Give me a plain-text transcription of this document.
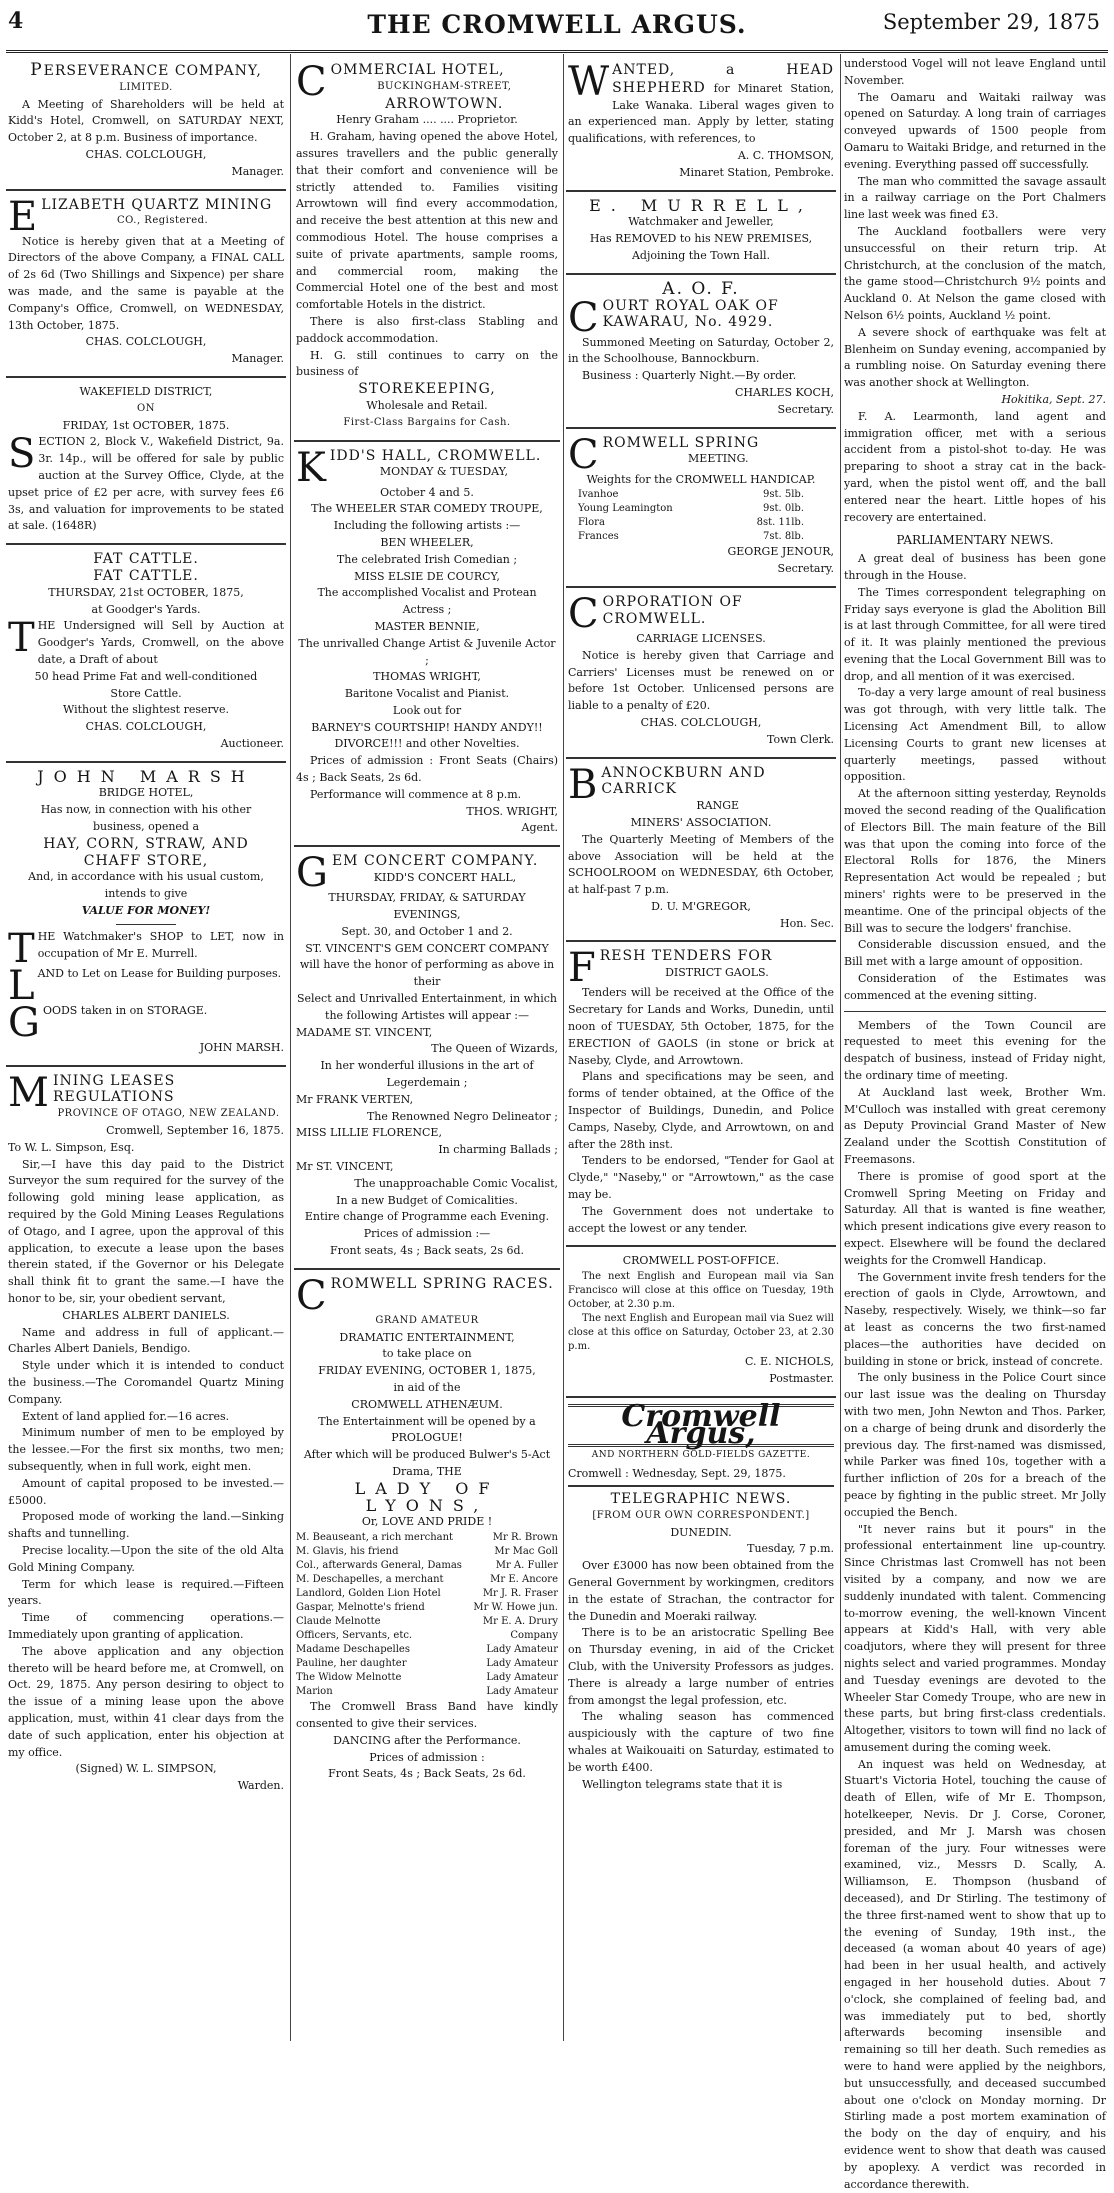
4	THE CROMWELL ARGUS.	September 29, 1875
PERSEVERANCE COMPANY,
LIMITED.

A Meeting of Shareholders will be held at Kidd's Hotel, Cromwell, on SATURDAY NEXT, October 2, at 8 p.m. Business of importance.

CHAS. COLCLOUGH,
Manager.
ELIZABETH QUARTZ MINING
CO., Registered.

Notice is hereby given that at a Meeting of Directors of the above Company, a FINAL CALL of 2s 6d (Two Shillings and Sixpence) per share was made, and the same is payable at the Company's Office, Cromwell, on WEDNESDAY, 13th October, 1875.

CHAS. COLCLOUGH,
Manager.
WAKEFIELD DISTRICT,
ON
FRIDAY, 1st OCTOBER, 1875.

SECTION 2, Block V., Wakefield District, 9a. 3r. 14p., will be offered for sale by public auction at the Survey Office, Clyde, at the upset price of £2 per acre, with survey fees £6 3s, and valuation for improvements to be stated at sale. (1648R)

FAT CATTLE.
FAT CATTLE.
THURSDAY, 21st OCTOBER, 1875,
at Goodger's Yards.

THE Undersigned will Sell by Auction at Goodger's Yards, Cromwell, on the above date, a Draft of about

50 head Prime Fat and well-conditioned
Store Cattle.
Without the slightest reserve.
CHAS. COLCLOUGH,
Auctioneer.
JOHN MARSH
BRIDGE HOTEL,
Has now, in connection with his other
business, opened a
HAY, CORN, STRAW, AND
CHAFF STORE,
And, in accordance with his usual custom,
intends to give
VALUE FOR MONEY!

THE Watchmaker's SHOP to LET, now in occupation of Mr E. Murrell.

LAND to Let on Lease for Building purposes.

GOODS taken in on STORAGE.

JOHN MARSH.
MINING LEASES REGULATIONS
PROVINCE OF OTAGO, NEW ZEALAND.
Cromwell, September 16, 1875.

To W. L. Simpson, Esq.

Sir,—I have this day paid to the District Surveyor the sum required for the survey of the following gold mining lease application, as required by the Gold Mining Leases Regulations of Otago, and I agree, upon the approval of this application, to execute a lease upon the bases therein stated, if the Governor or his Delegate shall think fit to grant the same.—I have the honor to be, sir, your obedient servant,

CHARLES ALBERT DANIELS.

Name and address in full of applicant.—Charles Albert Daniels, Bendigo.

Style under which it is intended to conduct the business.—The Coromandel Quartz Mining Company.

Extent of land applied for.—16 acres.

Minimum number of men to be employed by the lessee.—For the first six months, two men; subsequently, when in full work, eight men.

Amount of capital proposed to be invested.—£5000.

Proposed mode of working the land.—Sinking shafts and tunnelling.

Precise locality.—Upon the site of the old Alta Gold Mining Company.

Term for which lease is required.—Fifteen years.

Time of commencing operations.—Immediately upon granting of application.

The above application and any objection thereto will be heard before me, at Cromwell, on Oct. 29, 1875. Any person desiring to object to the issue of a mining lease upon the above application, must, within 41 clear days from the date of such application, enter his objection at my office.

(Signed) W. L. SIMPSON,
Warden.
COMMERCIAL HOTEL,
BUCKINGHAM-STREET,
ARROWTOWN.
Henry Graham .... .... Proprietor.

H. Graham, having opened the above Hotel, assures travellers and the public generally that their comfort and convenience will be strictly attended to. Families visiting Arrowtown will find every accommodation, and receive the best attention at this new and commodious Hotel. The house comprises a suite of private apartments, sample rooms, and commercial room, making the Commercial Hotel one of the best and most comfortable Hotels in the district.

There is also first-class Stabling and paddock accommodation.

H. G. still continues to carry on the business of

STOREKEEPING,
Wholesale and Retail.
First-Class Bargains for Cash.
KIDD'S HALL, CROMWELL.
MONDAY & TUESDAY,
October 4 and 5.
The WHEELER STAR COMEDY TROUPE,
Including the following artists :—
BEN WHEELER,
The celebrated Irish Comedian ;
MISS ELSIE DE COURCY,
The accomplished Vocalist and Protean Actress ;
MASTER BENNIE,
The unrivalled Change Artist & Juvenile Actor ;
THOMAS WRIGHT,
Baritone Vocalist and Pianist.
Look out for
BARNEY'S COURTSHIP! HANDY ANDY!! DIVORCE!!! and other Novelties.

Prices of admission : Front Seats (Chairs) 4s ; Back Seats, 2s 6d.

Performance will commence at 8 p.m.

THOS. WRIGHT,
Agent.
GEM CONCERT COMPANY.
KIDD'S CONCERT HALL,
THURSDAY, FRIDAY, & SATURDAY
EVENINGS,
Sept. 30, and October 1 and 2.
ST. VINCENT'S GEM CONCERT COMPANY
will have the honor of performing as above in their
Select and Unrivalled Entertainment, in which the following Artistes will appear :—
MADAME ST. VINCENT,
The Queen of Wizards,
In her wonderful illusions in the art of Legerdemain ;
Mr FRANK VERTEN,
The Renowned Negro Delineator ;
MISS LILLIE FLORENCE,
In charming Ballads ;
Mr ST. VINCENT,
The unapproachable Comic Vocalist,
In a new Budget of Comicalities.
Entire change of Programme each Evening.
Prices of admission :—
Front seats, 4s ; Back seats, 2s 6d.
CROMWELL SPRING RACES.
GRAND AMATEUR
DRAMATIC ENTERTAINMENT,
to take place on
FRIDAY EVENING, OCTOBER 1, 1875,
in aid of the
CROMWELL ATHENÆUM.
The Entertainment will be opened by a
PROLOGUE!
After which will be produced Bulwer's 5-Act Drama, THE
LADY OF LYONS,
Or, LOVE AND PRIDE !
M. Beauseant, a rich merchant	Mr R. Brown
M. Glavis, his friend	Mr Mac Goll
Col., afterwards General, Damas	Mr A. Fuller
M. Deschapelles, a merchant	Mr E. Ancore
Landlord, Golden Lion Hotel	Mr J. R. Fraser
Gaspar, Melnotte's friend	Mr W. Howe jun.
Claude Melnotte	Mr E. A. Drury
Officers, Servants, etc.	Company
Madame Deschapelles	Lady Amateur
Pauline, her daughter	Lady Amateur
The Widow Melnotte	Lady Amateur
Marion	Lady Amateur

The Cromwell Brass Band have kindly consented to give their services.

DANCING after the Performance.
Prices of admission :
Front Seats, 4s ; Back Seats, 2s 6d.

WANTED, a HEAD SHEPHERD for Minaret Station, Lake Wanaka. Liberal wages given to an experienced man. Apply by letter, stating qualifications, with references, to

A. C. THOMSON,
Minaret Station, Pembroke.
E. MURRELL,
Watchmaker and Jeweller,
Has REMOVED to his NEW PREMISES,
Adjoining the Town Hall.
A. O. F.
COURT ROYAL OAK OF KAWARAU, No. 4929.

Summoned Meeting on Saturday, October 2, in the Schoolhouse, Bannockburn.

Business : Quarterly Night.—By order.

CHARLES KOCH,
Secretary.
CROMWELL SPRING
MEETING.
Weights for the CROMWELL HANDICAP.
Ivanhoe	9st. 5lb.
Young Leamington	9st. 0lb.
Flora	8st. 11lb.
Frances	7st. 8lb.
GEORGE JENOUR,
Secretary.
CORPORATION OF CROMWELL.
CARRIAGE LICENSES.

Notice is hereby given that Carriage and Carriers' Licenses must be renewed on or before 1st October. Unlicensed persons are liable to a penalty of £20.

CHAS. COLCLOUGH,
Town Clerk.
BANNOCKBURN AND CARRICK
RANGE
MINERS' ASSOCIATION.

The Quarterly Meeting of Members of the above Association will be held at the SCHOOLROOM on WEDNESDAY, 6th October, at half-past 7 p.m.

D. U. M'GREGOR,
Hon. Sec.
FRESH TENDERS FOR
DISTRICT GAOLS.

Tenders will be received at the Office of the Secretary for Lands and Works, Dunedin, until noon of TUESDAY, 5th October, 1875, for the ERECTION of GAOLS (in stone or brick at Naseby, Clyde, and Arrowtown.

Plans and specifications may be seen, and forms of tender obtained, at the Office of the Inspector of Buildings, Dunedin, and Police Camps, Naseby, Clyde, and Arrowtown, on and after the 28th inst.

Tenders to be endorsed, "Tender for Gaol at Clyde," "Naseby," or "Arrowtown," as the case may be.

The Government does not undertake to accept the lowest or any tender.

CROMWELL POST-OFFICE.

The next English and European mail via San Francisco will close at this office on Tuesday, 19th October, at 2.30 p.m.

The next English and European mail via Suez will close at this office on Saturday, October 23, at 2.30 p.m.

C. E. NICHOLS,
Postmaster.
Cromwell Argus,
AND NORTHERN GOLD-FIELDS GAZETTE.
Cromwell : Wednesday, Sept. 29, 1875.
TELEGRAPHIC NEWS.
[FROM OUR OWN CORRESPONDENT.]
DUNEDIN.
Tuesday, 7 p.m.

Over £3000 has now been obtained from the General Government by workingmen, creditors in the estate of Strachan, the contractor for the Dunedin and Moeraki railway.

There is to be an aristocratic Spelling Bee on Thursday evening, in aid of the Cricket Club, with the University Professors as judges. There is already a large number of entries from amongst the legal profession, etc.

The whaling season has commenced auspiciously with the capture of two fine whales at Waikouaiti on Saturday, estimated to be worth £400.

Wellington telegrams state that it is

understood Vogel will not leave England until November.

The Oamaru and Waitaki railway was opened on Saturday. A long train of carriages conveyed upwards of 1500 people from Oamaru to Waitaki Bridge, and returned in the evening. Everything passed off successfully.

The man who committed the savage assault in a railway carriage on the Port Chalmers line last week was fined £3.

The Auckland footballers were very unsuccessful on their return trip. At Christchurch, at the conclusion of the match, the game stood—Christchurch 9½ points and Auckland 0. At Nelson the game closed with Nelson 6½ points, Auckland ½ point.

A severe shock of earthquake was felt at Blenheim on Sunday evening, accompanied by a rumbling noise. On Saturday evening there was another shock at Wellington.

Hokitika, Sept. 27.

F. A. Learmonth, land agent and immigration officer, met with a serious accident from a pistol-shot to-day. He was preparing to shoot a stray cat in the back-yard, when the pistol went off, and the ball entered near the heart. Little hopes of his recovery are entertained.

PARLIAMENTARY NEWS.

A great deal of business has been gone through in the House.

The Times correspondent telegraphing on Friday says everyone is glad the Abolition Bill is at last through Committee, for all were tired of it. It was plainly mentioned the previous evening that the Local Government Bill was to drop, and all mention of it was exercised.

To-day a very large amount of real business was got through, with very little talk. The Licensing Act Amendment Bill, to allow Licensing Courts to grant new licenses at quarterly meetings, passed without opposition.

At the afternoon sitting yesterday, Reynolds moved the second reading of the Qualification of Electors Bill. The main feature of the Bill was that upon the coming into force of the Electoral Rolls for 1876, the Miners Representation Act would be repealed ; but miners' rights were to be preserved in the meantime. One of the principal objects of the Bill was to secure the lodgers' franchise.

Considerable discussion ensued, and the Bill met with a large amount of opposition.

Consideration of the Estimates was commenced at the evening sitting.

Members of the Town Council are requested to meet this evening for the despatch of business, instead of Friday night, the ordinary time of meeting.

At Auckland last week, Brother Wm. M'Culloch was installed with great ceremony as Deputy Provincial Grand Master of New Zealand under the Scottish Constitution of Freemasons.

There is promise of good sport at the Cromwell Spring Meeting on Friday and Saturday. All that is wanted is fine weather, which present indications give every reason to expect. Elsewhere will be found the declared weights for the Cromwell Handicap.

The Government invite fresh tenders for the erection of gaols in Clyde, Arrowtown, and Naseby, respectively. Wisely, we think—so far at least as concerns the two first-named places—the authorities have decided on building in stone or brick, instead of concrete.

The only business in the Police Court since our last issue was the dealing on Thursday with two men, John Newton and Thos. Parker, on a charge of being drunk and disorderly the previous day. The first-named was dismissed, while Parker was fined 10s, together with a further infliction of 20s for a breach of the peace by fighting in the public street. Mr Jolly occupied the Bench.

"It never rains but it pours" in the professional entertainment line up-country. Since Christmas last Cromwell has not been visited by a company, and now we are suddenly inundated with talent. Commencing to-morrow evening, the well-known Vincent appears at Kidd's Hall, with very able coadjutors, where they will present for three nights select and varied programmes. Monday and Tuesday evenings are devoted to the Wheeler Star Comedy Troupe, who are new in these parts, but bring first-class credentials. Altogether, visitors to town will find no lack of amusement during the coming week.

An inquest was held on Wednesday, at Stuart's Victoria Hotel, touching the cause of death of Ellen, wife of Mr E. Thompson, hotelkeeper, Nevis. Dr J. Corse, Coroner, presided, and Mr J. Marsh was chosen foreman of the jury. Four witnesses were examined, viz., Messrs D. Scally, A. Williamson, E. Thompson (husband of deceased), and Dr Stirling. The testimony of the three first-named went to show that up to the evening of Sunday, 19th inst., the deceased (a woman about 40 years of age) had been in her usual health, and actively engaged in her household duties. About 7 o'clock, she complained of feeling bad, and was immediately put to bed, shortly afterwards becoming insensible and remaining so till her death. Such remedies as were to hand were applied by the neighbors, but unsuccessfully, and deceased succumbed about one o'clock on Monday morning. Dr Stirling made a post mortem examination of the body on the day of enquiry, and his evidence went to show that death was caused by apoplexy. A verdict was recorded in accordance therewith.
